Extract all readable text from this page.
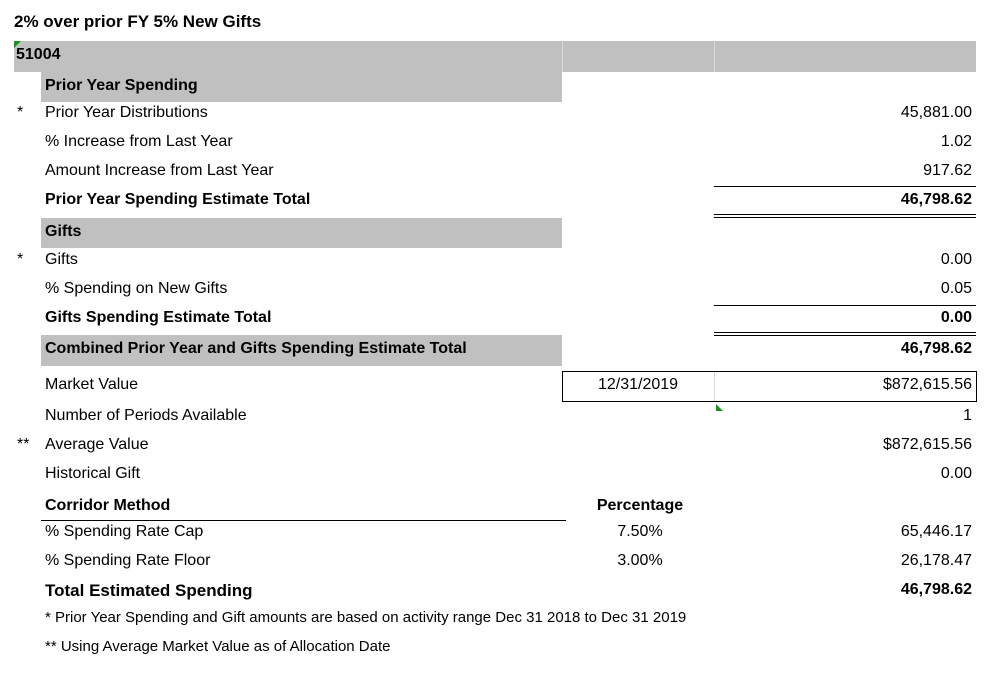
2% over prior FY 5% New Gifts
51004
Prior Year Spending
* Prior Year Distributions	45,881.00
% Increase from Last Year	1.02
Amount Increase from Last Year	917.62
Prior Year Spending Estimate Total	46,798.62
Gifts
* Gifts	0.00
% Spending on New Gifts	0.05
Gifts Spending Estimate Total	0.00
Combined Prior Year and Gifts Spending Estimate Total	46,798.62
Market Value	12/31/2019	$872,615.56
Number of Periods Available	1
** Average Value	$872,615.56
Historical Gift	0.00
Corridor Method	Percentage
% Spending Rate Cap	7.50%	65,446.17
% Spending Rate Floor	3.00%	26,178.47
Total Estimated Spending	46,798.62
* Prior Year Spending and Gift amounts are based on activity range Dec 31 2018 to Dec 31 2019
** Using Average Market Value as of Allocation Date
